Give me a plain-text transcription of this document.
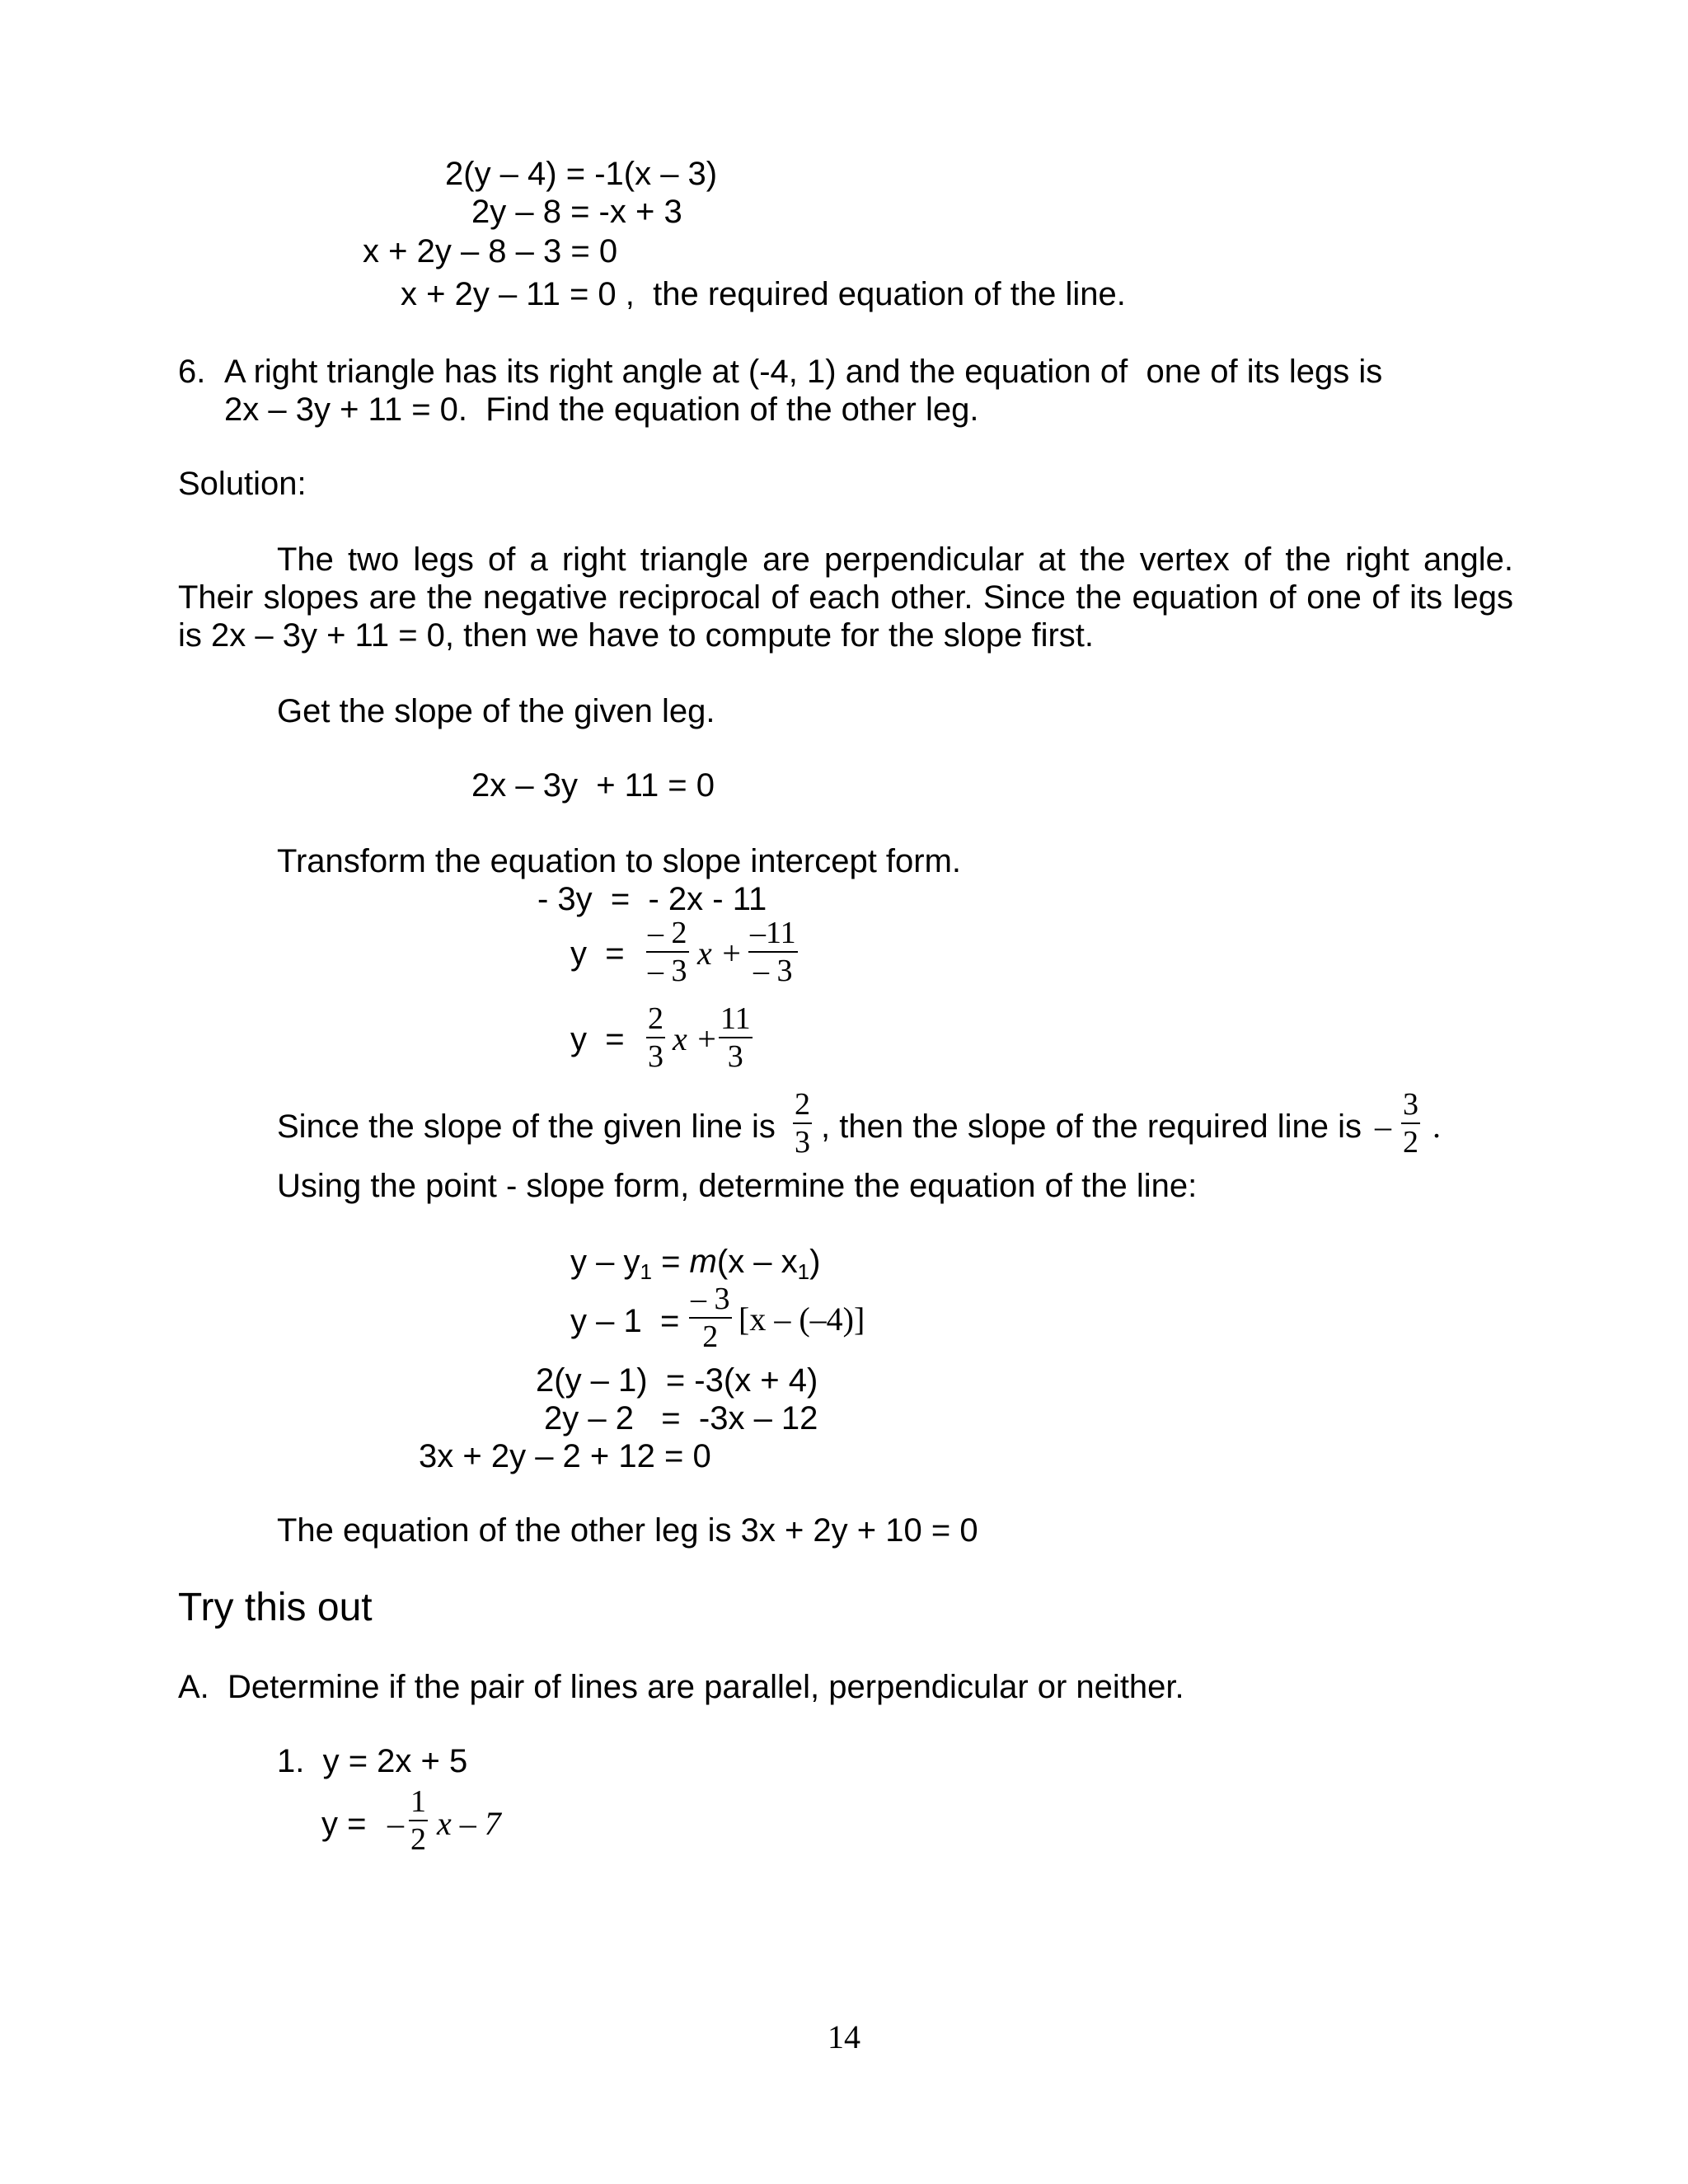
2(y – 4) = -1(x – 3)
2y – 8 = -x + 3
x + 2y – 8 – 3 = 0
x + 2y – 11 = 0 ,  the required equation of the line.
6. A right triangle has its right angle at (-4, 1) and the equation of  one of its legs is
2x – 3y + 11 = 0.  Find the equation of the other leg.
Solution:
The two legs of a right triangle are perpendicular at the vertex of the right angle. Their slopes are the negative reciprocal of each other. Since the equation of one of its legs is 2x – 3y + 11 = 0, then we have to compute for the slope first.
Get the slope of the given leg.
2x – 3y  + 11 = 0
Transform the equation to slope intercept form.
- 3y  =  - 2x - 11
y  =
– 2
– 3 x +
–11
– 3
y  =
2
3 x +
11
3
Since the slope of the given line is
2
3 , then the slope of the required line is –
3
2 .
Using the point - slope form, determine the equation of the line:
$y - y_1 = m(x - x_1)$
y – 1  =
– 3
2 [x – (–4)]
2(y – 1)  = -3(x + 4)
2y – 2   =  -3x – 12
3x + 2y – 2 + 12 = 0
The equation of the other leg is 3x + 2y + 10 = 0
Try this out
A.  Determine if the pair of lines are parallel, perpendicular or neither.
1.  y = 2x + 5
y = –
1
2 x – 7
14
